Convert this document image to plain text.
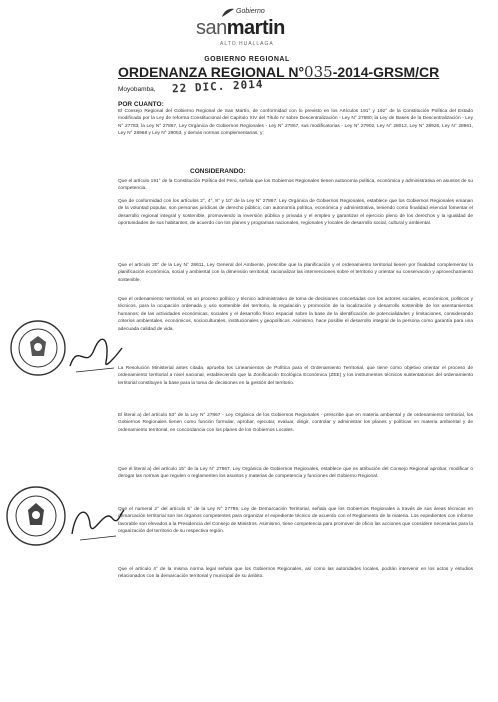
Gobierno
sanmartin
ALTO HUALLAGA
GOBIERNO REGIONAL
ORDENANZA REGIONAL N°035-2014-GRSM/CR
Moyobamba, 22 DIC. 2014
POR CUANTO:

El Consejo Regional del Gobierno Regional de San Martín, de conformidad con lo previsto en los Artículos 191° y 192° de la Constitución Política del Estado modificada por la Ley de reforma Constitucional del Capítulo XIV del Título IV sobre Descentralización - Ley N° 27680; la Ley de Bases de la Descentralización - Ley N° 27783; la Ley N° 27867, Ley Orgánica de Gobiernos Regionales - Ley N° 27867, sus modificatorias - Ley N° 27902, Ley N° 28013, Ley N° 28926, Ley N° 28961, Ley N° 28968 y Ley N° 29053, y demás normas complementarias, y;

CONSIDERANDO:

Que el artículo 191° de la Constitución Política del Perú, señala que los Gobiernos Regionales tienen autonomía política, económica y administrativa en asuntos de su competencia.

Que de conformidad con los artículos 2°, 4°, 8° y 10° de la Ley N° 27867, Ley Orgánica de Gobiernos Regionales, establece que los Gobiernos Regionales emanan de la voluntad popular, son personas jurídicas de derecho público, con autonomía política, económica y administrativa, teniendo como finalidad esencial fomentar el desarrollo regional integral y sostenible, promoviendo la inversión pública y privada y el empleo y garantizar el ejercicio pleno de los derechos y la igualdad de oportunidades de sus habitantes, de acuerdo con los planes y programas nacionales, regionales y locales de desarrollo social, cultural y ambiental.

Que el artículo 20° de la Ley N° 28611, Ley General del Ambiente, prescribe que la planificación y el ordenamiento territorial tienen por finalidad complementar la planificación económica, social y ambiental con la dimensión territorial, racionalizar las intervenciones sobre el territorio y orientar su conservación y aprovechamiento sostenible.

Que el ordenamiento territorial, es un proceso político y técnico administrativo de toma de decisiones concertadas con los actores sociales, económicos, políticos y técnicos, para la ocupación ordenada y uso sostenible del territorio, la regulación y promoción de la localización y desarrollo sostenible de los asentamientos humanos; de las actividades económicas, sociales y el desarrollo físico espacial sobre la base de la identificación de potencialidades y limitaciones, considerando criterios ambientales, económicos, socioculturales, institucionales y geopolíticos. Asimismo, hace posible el desarrollo integral de la persona como garantía para una adecuada calidad de vida.

La Resolución Ministerial antes citada, aprueba los Lineamientos de Política para el Ordenamiento Territorial, que tiene como objetivo orientar el proceso de ordenamiento territorial a nivel nacional, estableciendo que la Zonificación Ecológica Económica (ZEE) y los instrumentos técnicos sustentatorios del ordenamiento territorial constituyen la base para la toma de decisiones en la gestión del territorio.

El literal a) del artículo 53° de la Ley N° 27867 - Ley Orgánica de los Gobiernos Regionales - prescribe que en materia ambiental y de ordenamiento territorial, los Gobiernos Regionales tienen como función formular, aprobar, ejecutar, evaluar, dirigir, controlar y administrar los planes y políticas en materia ambiental y de ordenamiento territorial, en concordancia con los planes de los Gobiernos Locales.

Que el literal a) del artículo 15° de la Ley N° 27867, Ley Orgánica de Gobiernos Regionales, establece que es atribución del Consejo Regional aprobar, modificar o derogar las normas que regulen o reglamenten los asuntos y materias de competencia y funciones del Gobierno Regional.

Que el numeral 2° del artículo 5° de la Ley N° 27795, Ley de Demarcación Territorial, señala que los Gobiernos Regionales a través de sus áreas técnicas en demarcación territorial son los órganos competentes para organizar el expediente técnico de acuerdo con el Reglamento de la materia. Los expedientes con informe favorable son elevados a la Presidencia del Consejo de Ministros. Asimismo, tiene competencia para promover de oficio las acciones que considere necesarias para la organización del territorio de su respectiva región.

Que el artículo 4° de la misma norma legal señala que los Gobiernos Regionales, así como las autoridades locales, podrán intervenir en los actos y estudios relacionados con la demarcación territorial y municipal de su ámbito.
